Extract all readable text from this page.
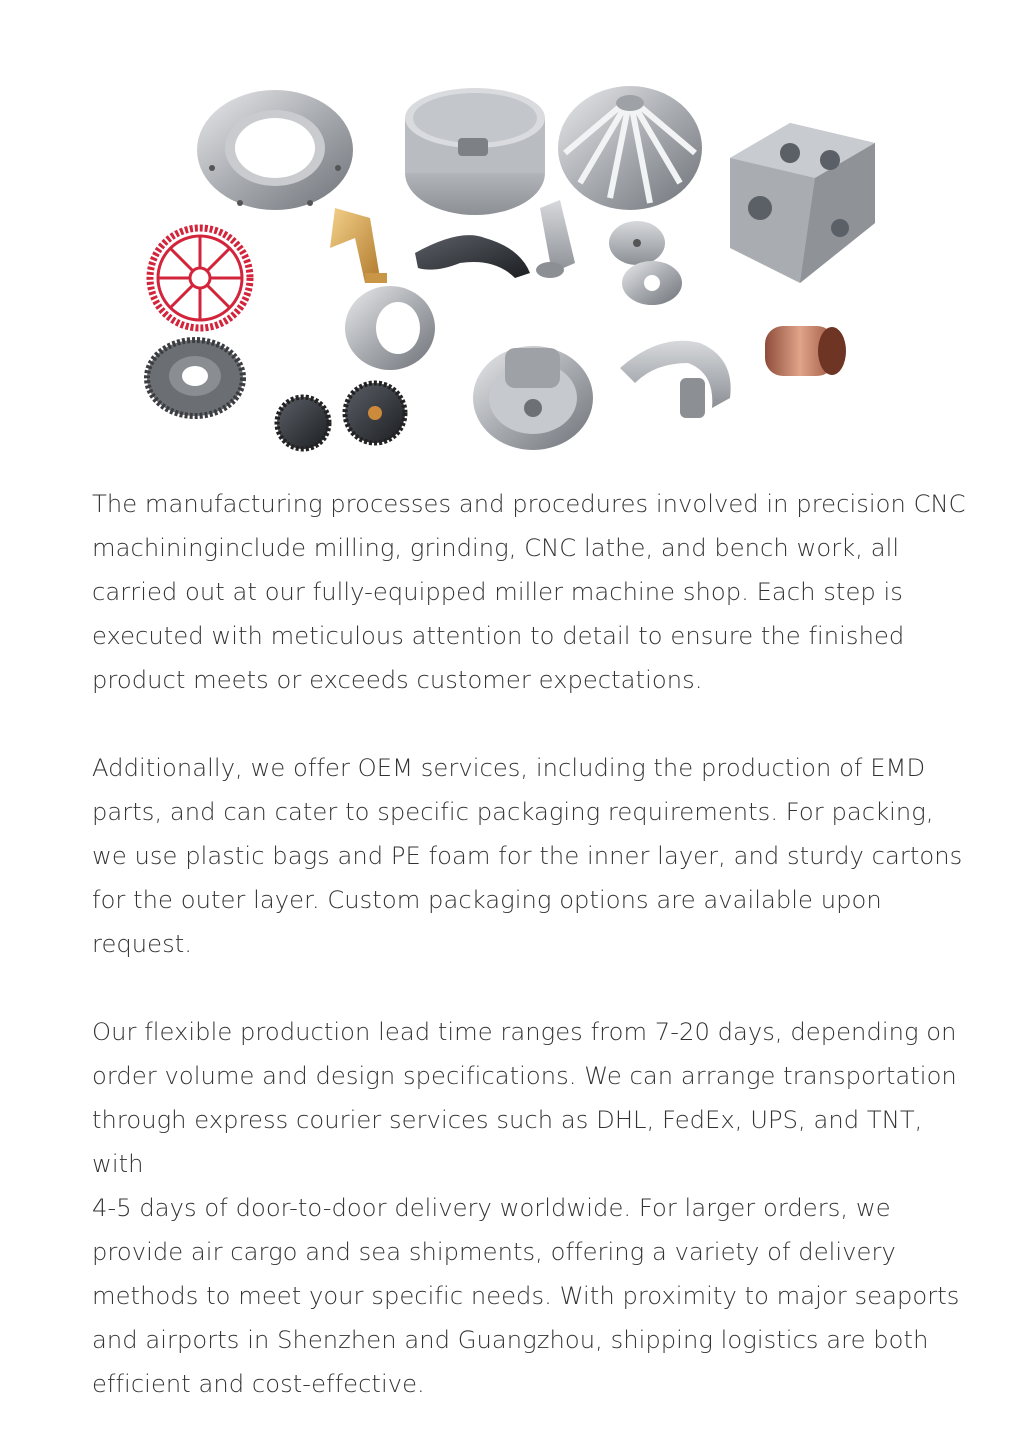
The manufacturing processes and procedures involved in precision CNC
machininginclude milling, grinding, CNC lathe, and bench work, all
carried out at our fully-equipped miller machine shop. Each step is
executed with meticulous attention to detail to ensure the finished
product meets or exceeds customer expectations.

Additionally, we offer OEM services, including the production of EMD
parts, and can cater to specific packaging requirements. For packing,
we use plastic bags and PE foam for the inner layer, and sturdy cartons
for the outer layer. Custom packaging options are available upon
request.

Our flexible production lead time ranges from 7-20 days, depending on
order volume and design specifications. We can arrange transportation
through express courier services such as DHL, FedEx, UPS, and TNT, with
4-5 days of door-to-door delivery worldwide. For larger orders, we
provide air cargo and sea shipments, offering a variety of delivery
methods to meet your specific needs. With proximity to major seaports
and airports in Shenzhen and Guangzhou, shipping logistics are both
efficient and cost-effective.
